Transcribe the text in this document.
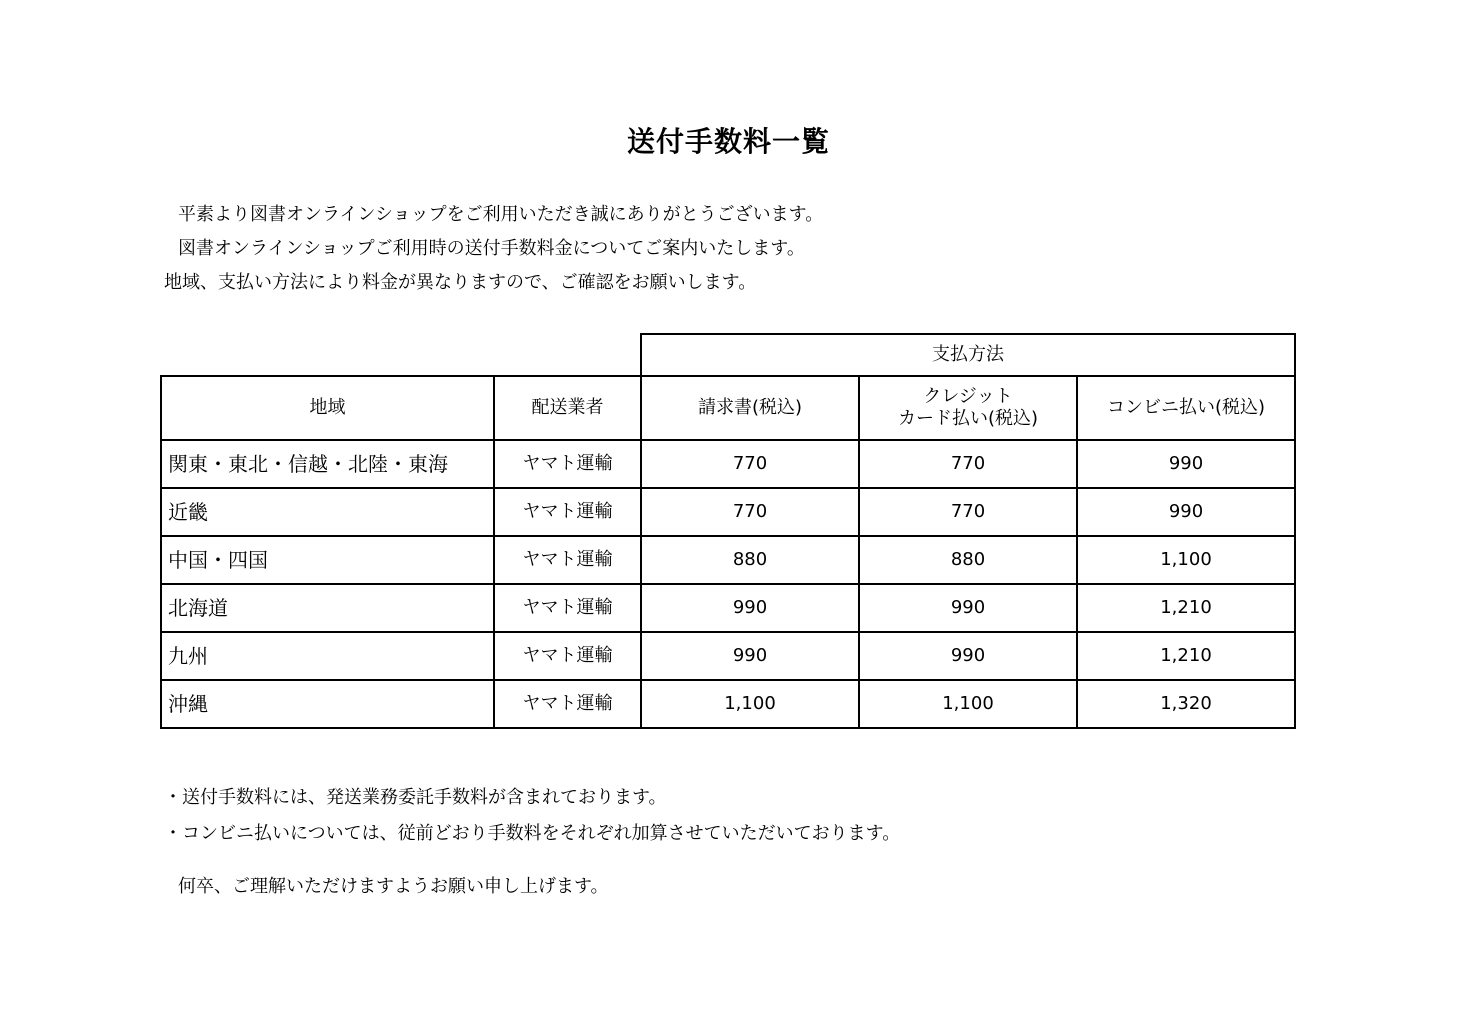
送付手数料一覧
平素より図書オンラインショップをご利用いただき誠にありがとうございます。
図書オンラインショップご利用時の送付手数料金についてご案内いたします。
地域、支払い方法により料金が異なりますので、ご確認をお願いします。
		支払方法		
地域	配送業者	請求書(税込)	クレジット
カード払い(税込)	コンビニ払い(税込)
関東・東北・信越・北陸・東海	ヤマト運輸	770	770	990
近畿	ヤマト運輸	770	770	990
中国・四国	ヤマト運輸	880	880	1,100
北海道	ヤマト運輸	990	990	1,210
九州	ヤマト運輸	990	990	1,210
沖縄	ヤマト運輸	1,100	1,100	1,320
・送付手数料には、発送業務委託手数料が含まれております。
・コンビニ払いについては、従前どおり手数料をそれぞれ加算させていただいております。
何卒、ご理解いただけますようお願い申し上げます。
